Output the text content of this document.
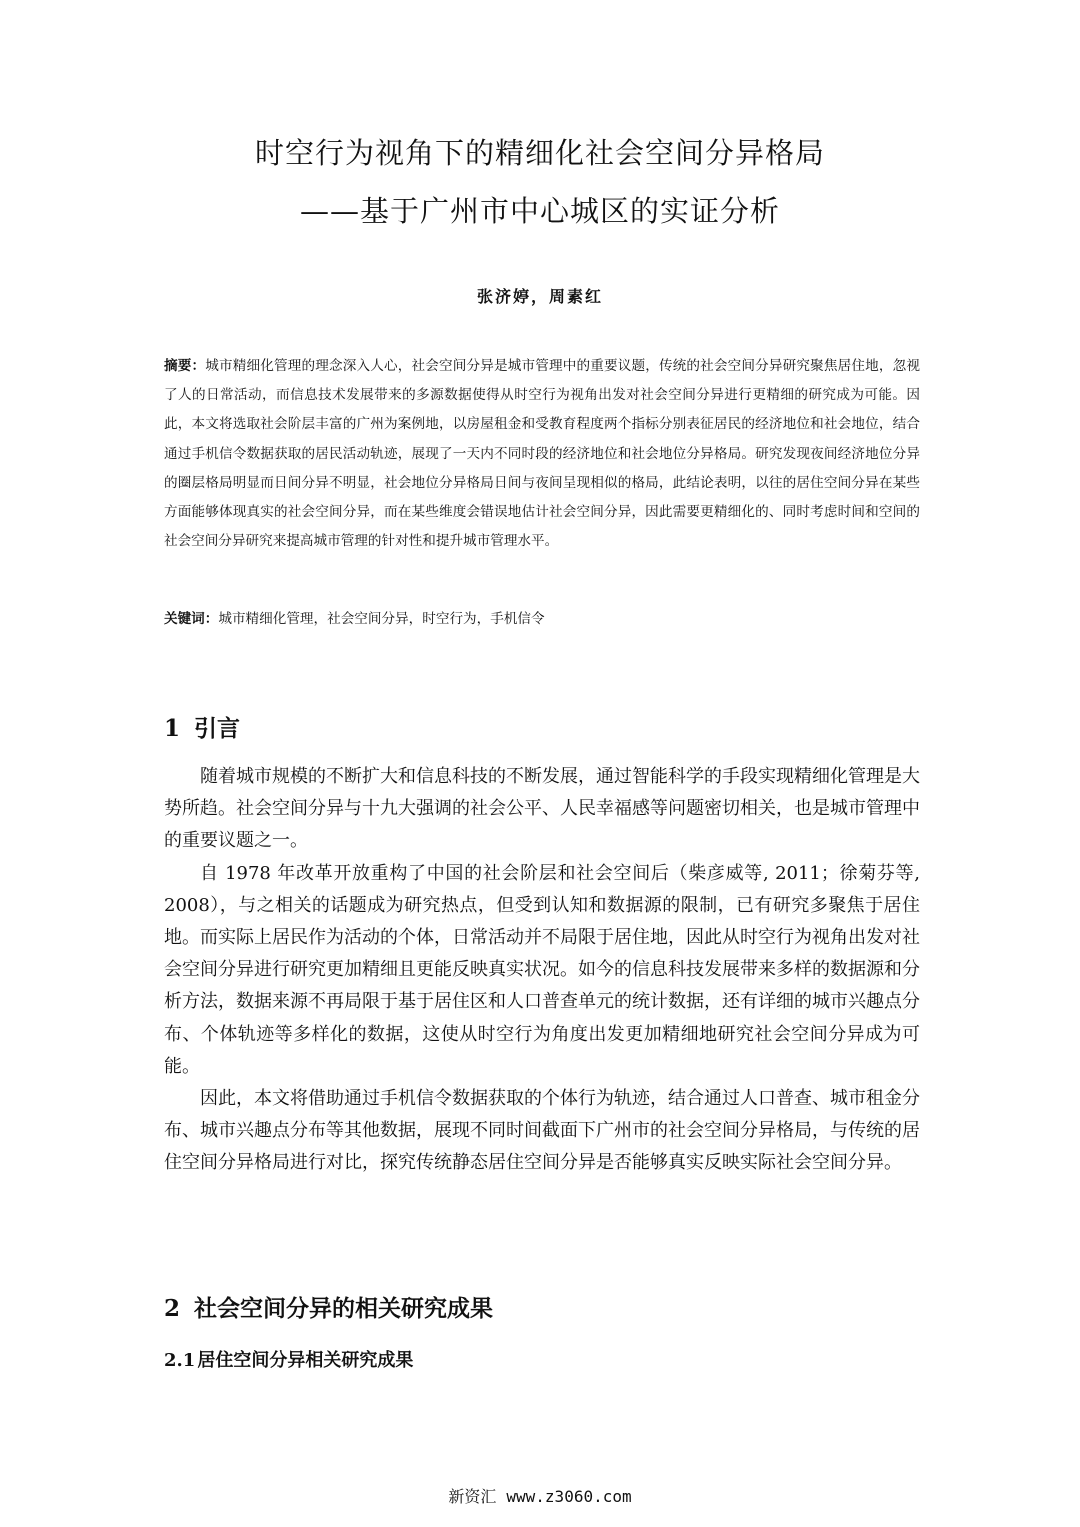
时空行为视角下的精细化社会空间分异格局
——基于广州市中心城区的实证分析
张济婷，周素红
摘要：城市精细化管理的理念深入人心，社会空间分异是城市管理中的重要议题，传统的社会空间分异研究聚焦居住地，忽视了人的日常活动，而信息技术发展带来的多源数据使得从时空行为视角出发对社会空间分异进行更精细的研究成为可能。因此，本文将选取社会阶层丰富的广州为案例地，以房屋租金和受教育程度两个指标分别表征居民的经济地位和社会地位，结合通过手机信令数据获取的居民活动轨迹，展现了一天内不同时段的经济地位和社会地位分异格局。研究发现夜间经济地位分异的圈层格局明显而日间分异不明显，社会地位分异格局日间与夜间呈现相似的格局，此结论表明，以往的居住空间分异在某些方面能够体现真实的社会空间分异，而在某些维度会错误地估计社会空间分异，因此需要更精细化的、同时考虑时间和空间的社会空间分异研究来提高城市管理的针对性和提升城市管理水平。
关键词：城市精细化管理，社会空间分异，时空行为，手机信令
1 引言

随着城市规模的不断扩大和信息科技的不断发展，通过智能科学的手段实现精细化管理是大势所趋。社会空间分异与十九大强调的社会公平、人民幸福感等问题密切相关，也是城市管理中的重要议题之一。

自 1978 年改革开放重构了中国的社会阶层和社会空间后（柴彦威等, 2011；徐菊芬等, 2008），与之相关的话题成为研究热点，但受到认知和数据源的限制，已有研究多聚焦于居住地。而实际上居民作为活动的个体，日常活动并不局限于居住地，因此从时空行为视角出发对社会空间分异进行研究更加精细且更能反映真实状况。如今的信息科技发展带来多样的数据源和分析方法，数据来源不再局限于基于居住区和人口普查单元的统计数据，还有详细的城市兴趣点分布、个体轨迹等多样化的数据，这使从时空行为角度出发更加精细地研究社会空间分异成为可能。

因此，本文将借助通过手机信令数据获取的个体行为轨迹，结合通过人口普查、城市租金分布、城市兴趣点分布等其他数据，展现不同时间截面下广州市的社会空间分异格局，与传统的居住空间分异格局进行对比，探究传统静态居住空间分异是否能够真实反映实际社会空间分异。

2 社会空间分异的相关研究成果
2.1 居住空间分异相关研究成果
新资汇 www.z3060.com
